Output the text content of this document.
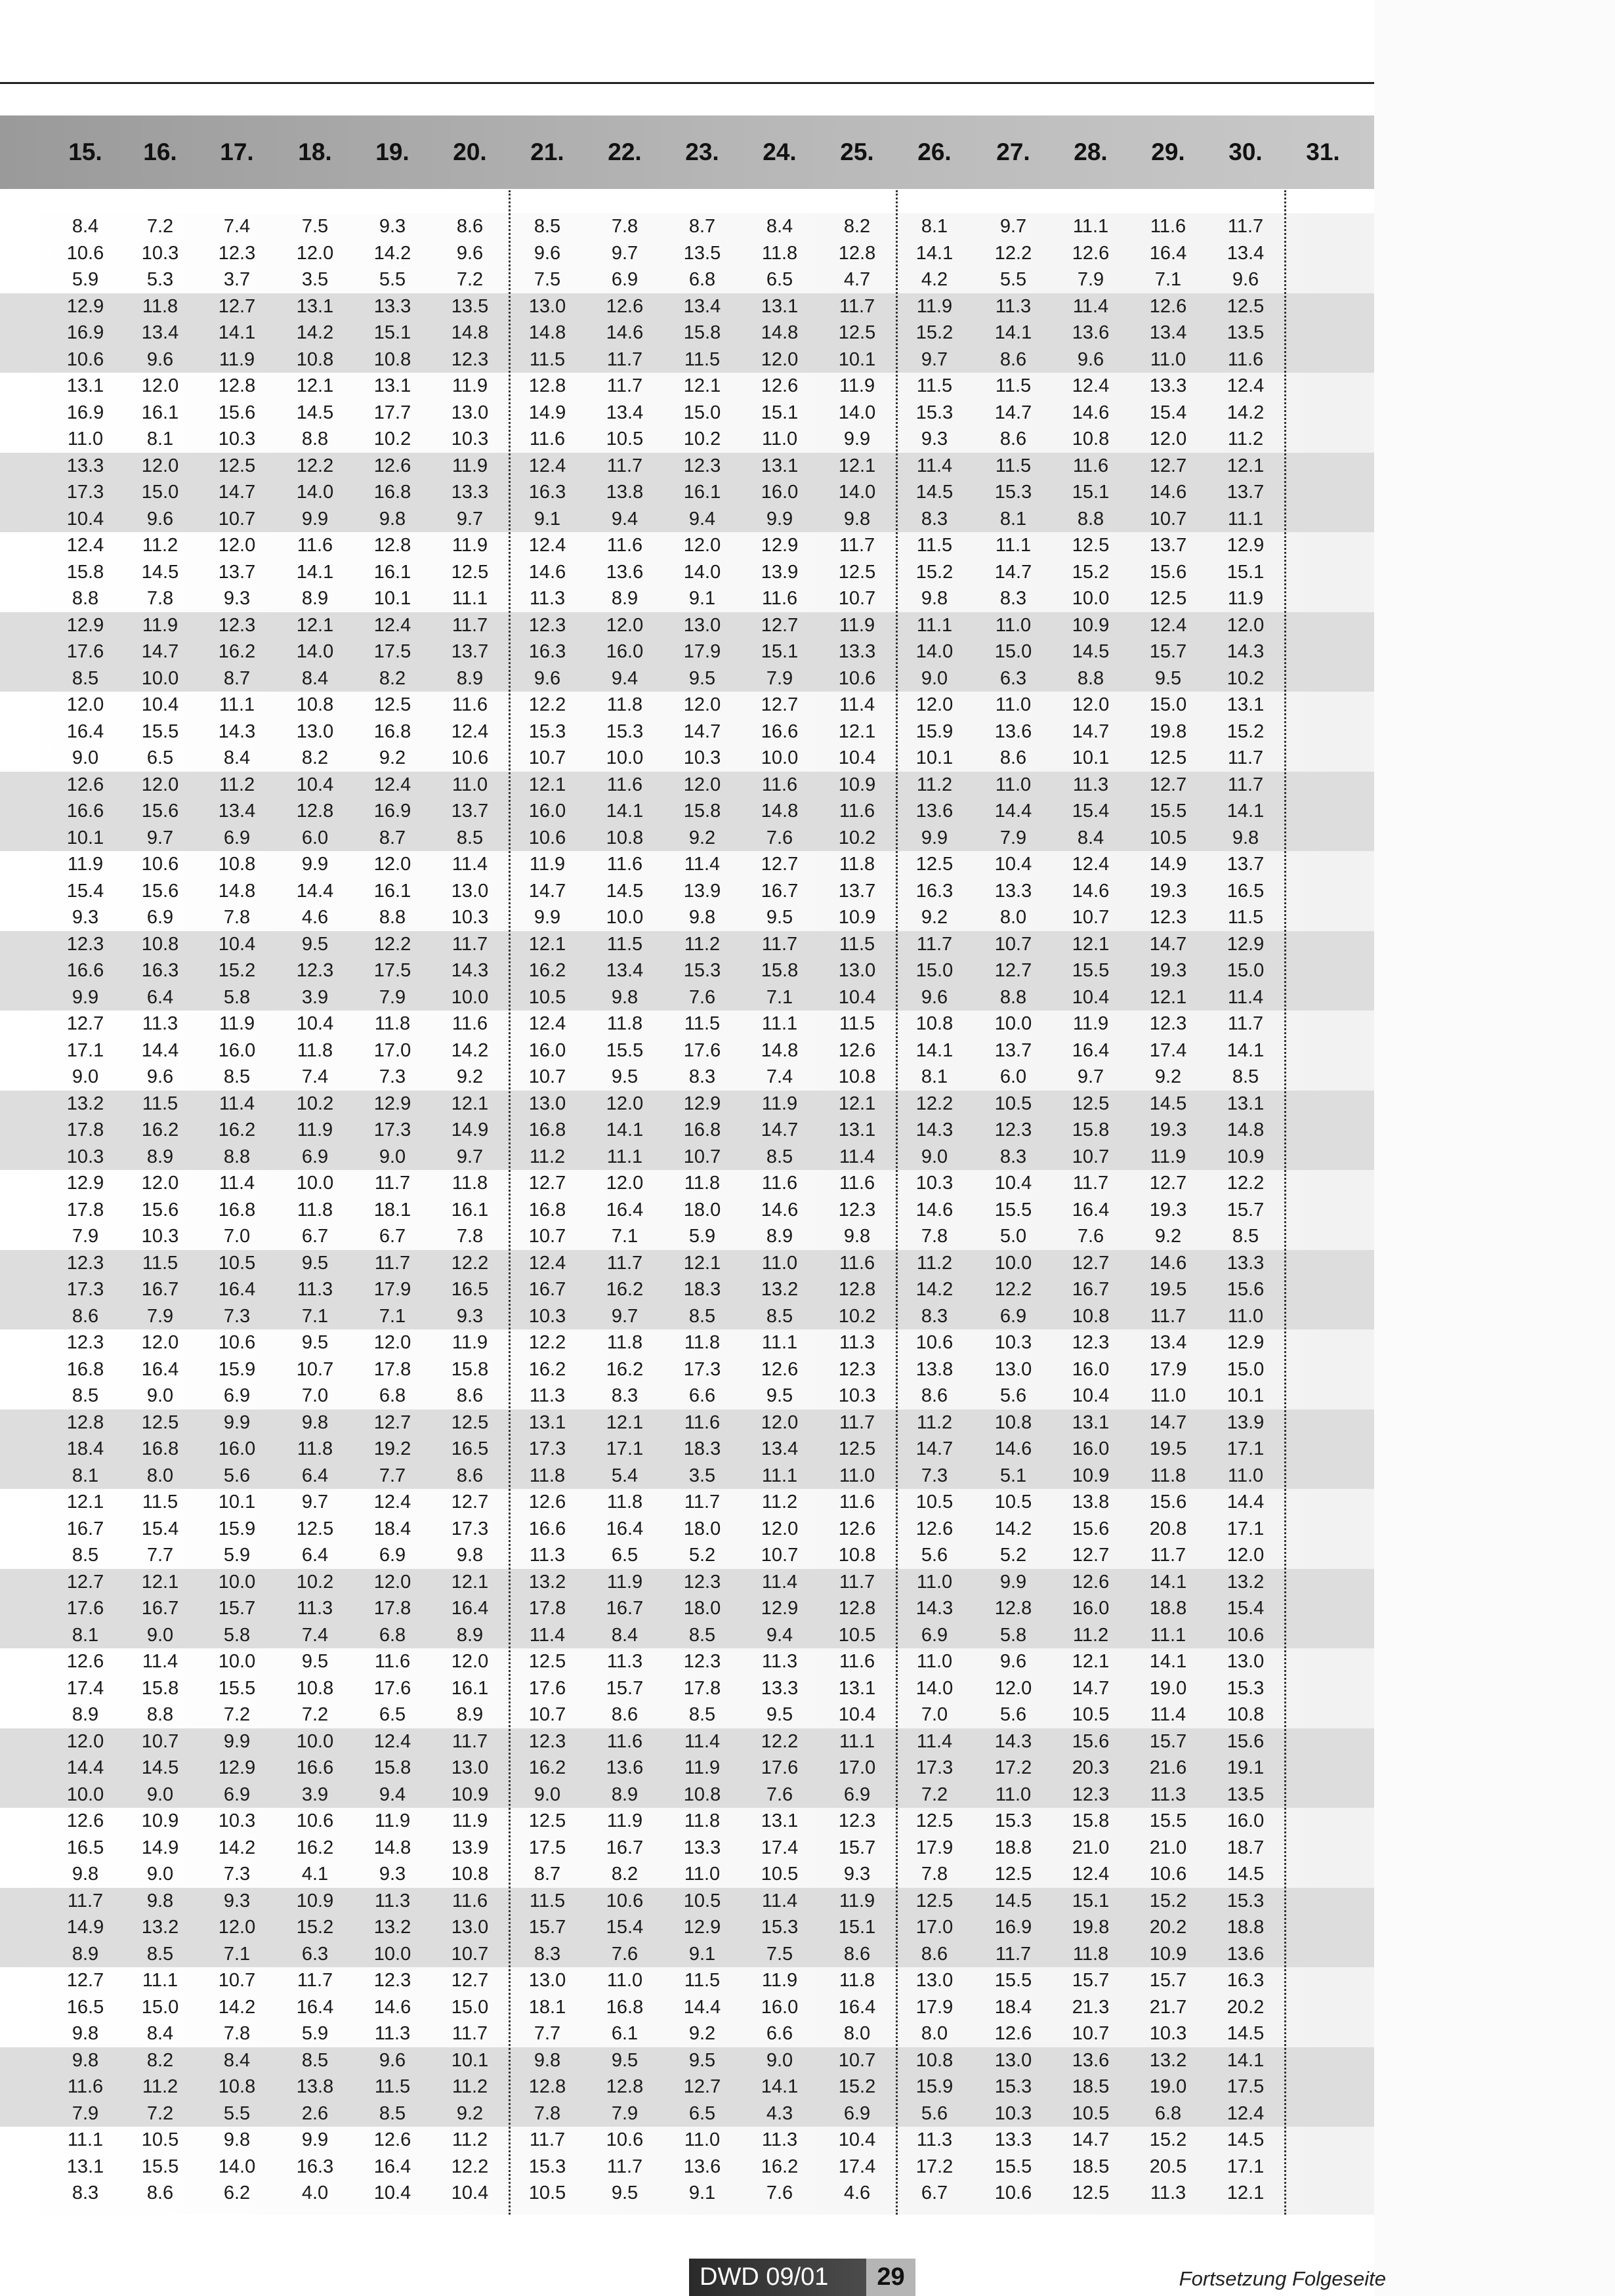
15.	16.	17.	18.	19.	20.	21.	22.	23.	24.	25.	26.	27.	28.	29.	30.	31.
8.4	7.2	7.4	7.5	9.3	8.6	8.5	7.8	8.7	8.4	8.2	8.1	9.7	11.1	11.6	11.7
10.6	10.3	12.3	12.0	14.2	9.6	9.6	9.7	13.5	11.8	12.8	14.1	12.2	12.6	16.4	13.4
5.9	5.3	3.7	3.5	5.5	7.2	7.5	6.9	6.8	6.5	4.7	4.2	5.5	7.9	7.1	9.6
12.9	11.8	12.7	13.1	13.3	13.5	13.0	12.6	13.4	13.1	11.7	11.9	11.3	11.4	12.6	12.5
16.9	13.4	14.1	14.2	15.1	14.8	14.8	14.6	15.8	14.8	12.5	15.2	14.1	13.6	13.4	13.5
10.6	9.6	11.9	10.8	10.8	12.3	11.5	11.7	11.5	12.0	10.1	9.7	8.6	9.6	11.0	11.6
13.1	12.0	12.8	12.1	13.1	11.9	12.8	11.7	12.1	12.6	11.9	11.5	11.5	12.4	13.3	12.4
16.9	16.1	15.6	14.5	17.7	13.0	14.9	13.4	15.0	15.1	14.0	15.3	14.7	14.6	15.4	14.2
11.0	8.1	10.3	8.8	10.2	10.3	11.6	10.5	10.2	11.0	9.9	9.3	8.6	10.8	12.0	11.2
13.3	12.0	12.5	12.2	12.6	11.9	12.4	11.7	12.3	13.1	12.1	11.4	11.5	11.6	12.7	12.1
17.3	15.0	14.7	14.0	16.8	13.3	16.3	13.8	16.1	16.0	14.0	14.5	15.3	15.1	14.6	13.7
10.4	9.6	10.7	9.9	9.8	9.7	9.1	9.4	9.4	9.9	9.8	8.3	8.1	8.8	10.7	11.1
12.4	11.2	12.0	11.6	12.8	11.9	12.4	11.6	12.0	12.9	11.7	11.5	11.1	12.5	13.7	12.9
15.8	14.5	13.7	14.1	16.1	12.5	14.6	13.6	14.0	13.9	12.5	15.2	14.7	15.2	15.6	15.1
8.8	7.8	9.3	8.9	10.1	11.1	11.3	8.9	9.1	11.6	10.7	9.8	8.3	10.0	12.5	11.9
12.9	11.9	12.3	12.1	12.4	11.7	12.3	12.0	13.0	12.7	11.9	11.1	11.0	10.9	12.4	12.0
17.6	14.7	16.2	14.0	17.5	13.7	16.3	16.0	17.9	15.1	13.3	14.0	15.0	14.5	15.7	14.3
8.5	10.0	8.7	8.4	8.2	8.9	9.6	9.4	9.5	7.9	10.6	9.0	6.3	8.8	9.5	10.2
12.0	10.4	11.1	10.8	12.5	11.6	12.2	11.8	12.0	12.7	11.4	12.0	11.0	12.0	15.0	13.1
16.4	15.5	14.3	13.0	16.8	12.4	15.3	15.3	14.7	16.6	12.1	15.9	13.6	14.7	19.8	15.2
9.0	6.5	8.4	8.2	9.2	10.6	10.7	10.0	10.3	10.0	10.4	10.1	8.6	10.1	12.5	11.7
12.6	12.0	11.2	10.4	12.4	11.0	12.1	11.6	12.0	11.6	10.9	11.2	11.0	11.3	12.7	11.7
16.6	15.6	13.4	12.8	16.9	13.7	16.0	14.1	15.8	14.8	11.6	13.6	14.4	15.4	15.5	14.1
10.1	9.7	6.9	6.0	8.7	8.5	10.6	10.8	9.2	7.6	10.2	9.9	7.9	8.4	10.5	9.8
11.9	10.6	10.8	9.9	12.0	11.4	11.9	11.6	11.4	12.7	11.8	12.5	10.4	12.4	14.9	13.7
15.4	15.6	14.8	14.4	16.1	13.0	14.7	14.5	13.9	16.7	13.7	16.3	13.3	14.6	19.3	16.5
9.3	6.9	7.8	4.6	8.8	10.3	9.9	10.0	9.8	9.5	10.9	9.2	8.0	10.7	12.3	11.5
12.3	10.8	10.4	9.5	12.2	11.7	12.1	11.5	11.2	11.7	11.5	11.7	10.7	12.1	14.7	12.9
16.6	16.3	15.2	12.3	17.5	14.3	16.2	13.4	15.3	15.8	13.0	15.0	12.7	15.5	19.3	15.0
9.9	6.4	5.8	3.9	7.9	10.0	10.5	9.8	7.6	7.1	10.4	9.6	8.8	10.4	12.1	11.4
12.7	11.3	11.9	10.4	11.8	11.6	12.4	11.8	11.5	11.1	11.5	10.8	10.0	11.9	12.3	11.7
17.1	14.4	16.0	11.8	17.0	14.2	16.0	15.5	17.6	14.8	12.6	14.1	13.7	16.4	17.4	14.1
9.0	9.6	8.5	7.4	7.3	9.2	10.7	9.5	8.3	7.4	10.8	8.1	6.0	9.7	9.2	8.5
13.2	11.5	11.4	10.2	12.9	12.1	13.0	12.0	12.9	11.9	12.1	12.2	10.5	12.5	14.5	13.1
17.8	16.2	16.2	11.9	17.3	14.9	16.8	14.1	16.8	14.7	13.1	14.3	12.3	15.8	19.3	14.8
10.3	8.9	8.8	6.9	9.0	9.7	11.2	11.1	10.7	8.5	11.4	9.0	8.3	10.7	11.9	10.9
12.9	12.0	11.4	10.0	11.7	11.8	12.7	12.0	11.8	11.6	11.6	10.3	10.4	11.7	12.7	12.2
17.8	15.6	16.8	11.8	18.1	16.1	16.8	16.4	18.0	14.6	12.3	14.6	15.5	16.4	19.3	15.7
7.9	10.3	7.0	6.7	6.7	7.8	10.7	7.1	5.9	8.9	9.8	7.8	5.0	7.6	9.2	8.5
12.3	11.5	10.5	9.5	11.7	12.2	12.4	11.7	12.1	11.0	11.6	11.2	10.0	12.7	14.6	13.3
17.3	16.7	16.4	11.3	17.9	16.5	16.7	16.2	18.3	13.2	12.8	14.2	12.2	16.7	19.5	15.6
8.6	7.9	7.3	7.1	7.1	9.3	10.3	9.7	8.5	8.5	10.2	8.3	6.9	10.8	11.7	11.0
12.3	12.0	10.6	9.5	12.0	11.9	12.2	11.8	11.8	11.1	11.3	10.6	10.3	12.3	13.4	12.9
16.8	16.4	15.9	10.7	17.8	15.8	16.2	16.2	17.3	12.6	12.3	13.8	13.0	16.0	17.9	15.0
8.5	9.0	6.9	7.0	6.8	8.6	11.3	8.3	6.6	9.5	10.3	8.6	5.6	10.4	11.0	10.1
12.8	12.5	9.9	9.8	12.7	12.5	13.1	12.1	11.6	12.0	11.7	11.2	10.8	13.1	14.7	13.9
18.4	16.8	16.0	11.8	19.2	16.5	17.3	17.1	18.3	13.4	12.5	14.7	14.6	16.0	19.5	17.1
8.1	8.0	5.6	6.4	7.7	8.6	11.8	5.4	3.5	11.1	11.0	7.3	5.1	10.9	11.8	11.0
12.1	11.5	10.1	9.7	12.4	12.7	12.6	11.8	11.7	11.2	11.6	10.5	10.5	13.8	15.6	14.4
16.7	15.4	15.9	12.5	18.4	17.3	16.6	16.4	18.0	12.0	12.6	12.6	14.2	15.6	20.8	17.1
8.5	7.7	5.9	6.4	6.9	9.8	11.3	6.5	5.2	10.7	10.8	5.6	5.2	12.7	11.7	12.0
12.7	12.1	10.0	10.2	12.0	12.1	13.2	11.9	12.3	11.4	11.7	11.0	9.9	12.6	14.1	13.2
17.6	16.7	15.7	11.3	17.8	16.4	17.8	16.7	18.0	12.9	12.8	14.3	12.8	16.0	18.8	15.4
8.1	9.0	5.8	7.4	6.8	8.9	11.4	8.4	8.5	9.4	10.5	6.9	5.8	11.2	11.1	10.6
12.6	11.4	10.0	9.5	11.6	12.0	12.5	11.3	12.3	11.3	11.6	11.0	9.6	12.1	14.1	13.0
17.4	15.8	15.5	10.8	17.6	16.1	17.6	15.7	17.8	13.3	13.1	14.0	12.0	14.7	19.0	15.3
8.9	8.8	7.2	7.2	6.5	8.9	10.7	8.6	8.5	9.5	10.4	7.0	5.6	10.5	11.4	10.8
12.0	10.7	9.9	10.0	12.4	11.7	12.3	11.6	11.4	12.2	11.1	11.4	14.3	15.6	15.7	15.6
14.4	14.5	12.9	16.6	15.8	13.0	16.2	13.6	11.9	17.6	17.0	17.3	17.2	20.3	21.6	19.1
10.0	9.0	6.9	3.9	9.4	10.9	9.0	8.9	10.8	7.6	6.9	7.2	11.0	12.3	11.3	13.5
12.6	10.9	10.3	10.6	11.9	11.9	12.5	11.9	11.8	13.1	12.3	12.5	15.3	15.8	15.5	16.0
16.5	14.9	14.2	16.2	14.8	13.9	17.5	16.7	13.3	17.4	15.7	17.9	18.8	21.0	21.0	18.7
9.8	9.0	7.3	4.1	9.3	10.8	8.7	8.2	11.0	10.5	9.3	7.8	12.5	12.4	10.6	14.5
11.7	9.8	9.3	10.9	11.3	11.6	11.5	10.6	10.5	11.4	11.9	12.5	14.5	15.1	15.2	15.3
14.9	13.2	12.0	15.2	13.2	13.0	15.7	15.4	12.9	15.3	15.1	17.0	16.9	19.8	20.2	18.8
8.9	8.5	7.1	6.3	10.0	10.7	8.3	7.6	9.1	7.5	8.6	8.6	11.7	11.8	10.9	13.6
12.7	11.1	10.7	11.7	12.3	12.7	13.0	11.0	11.5	11.9	11.8	13.0	15.5	15.7	15.7	16.3
16.5	15.0	14.2	16.4	14.6	15.0	18.1	16.8	14.4	16.0	16.4	17.9	18.4	21.3	21.7	20.2
9.8	8.4	7.8	5.9	11.3	11.7	7.7	6.1	9.2	6.6	8.0	8.0	12.6	10.7	10.3	14.5
9.8	8.2	8.4	8.5	9.6	10.1	9.8	9.5	9.5	9.0	10.7	10.8	13.0	13.6	13.2	14.1
11.6	11.2	10.8	13.8	11.5	11.2	12.8	12.8	12.7	14.1	15.2	15.9	15.3	18.5	19.0	17.5
7.9	7.2	5.5	2.6	8.5	9.2	7.8	7.9	6.5	4.3	6.9	5.6	10.3	10.5	6.8	12.4
11.1	10.5	9.8	9.9	12.6	11.2	11.7	10.6	11.0	11.3	10.4	11.3	13.3	14.7	15.2	14.5
13.1	15.5	14.0	16.3	16.4	12.2	15.3	11.7	13.6	16.2	17.4	17.2	15.5	18.5	20.5	17.1
8.3	8.6	6.2	4.0	10.4	10.4	10.5	9.5	9.1	7.6	4.6	6.7	10.6	12.5	11.3	12.1
Fortsetzung Folgeseite
DWD 09/01	29
